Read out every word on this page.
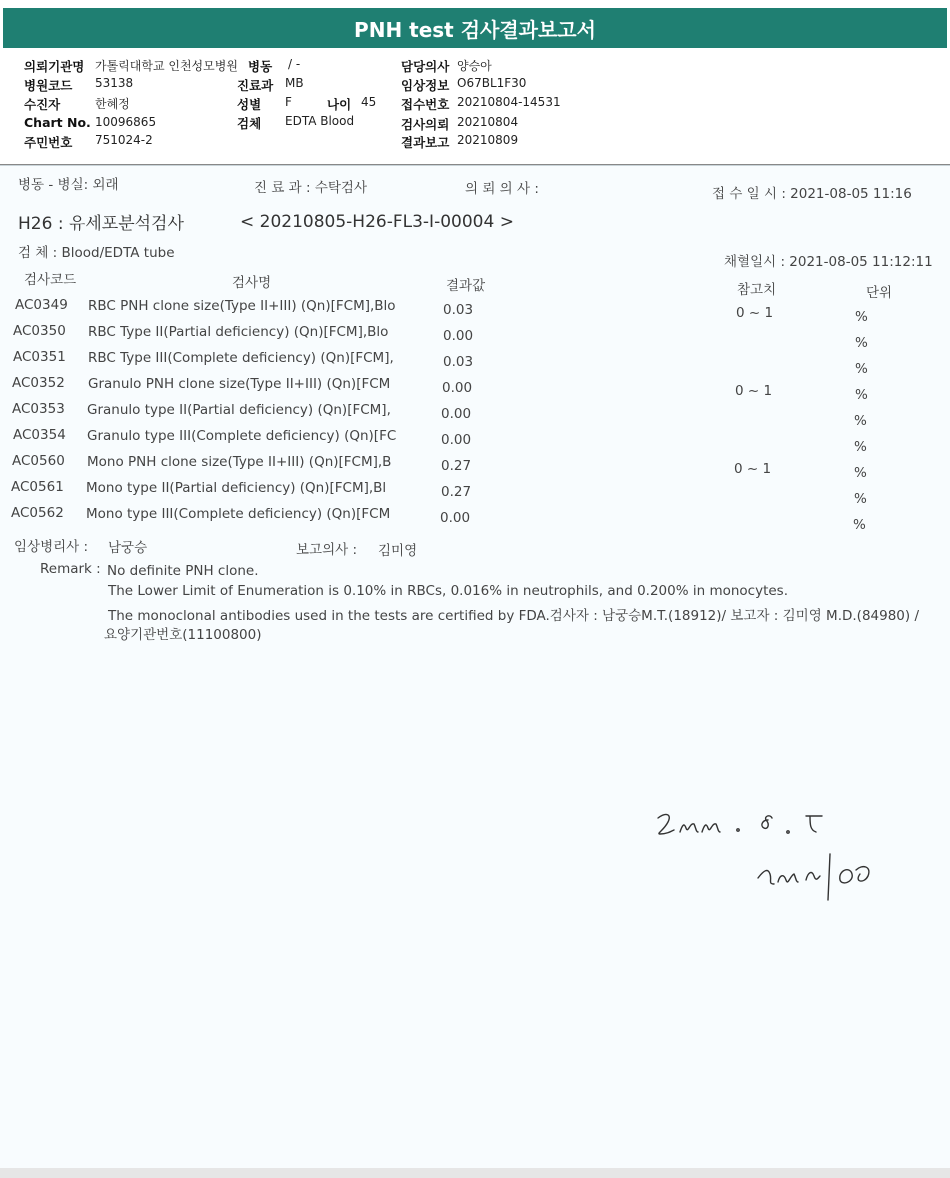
PNH test 검사결과보고서
의뢰기관명 가톨릭대학교 인천성모병원 병동 / -	담당의사 양승아
병원코드 53138	진료과 MB	임상정보 O67BL1F30
수진자	한혜정	성별 F	나이 45 접수번호 20210804-14531
Chart No. 10096865	검체 EDTA Blood	검사의뢰 20210804
주민번호 751024-2	결과보고 20210809
병동 - 병실: 외래	진 료 과 : 수탁검사	의 뢰 의 사 :	접 수 일 시 : 2021-08-05 11:16
H26 : 유세포분석검사	< 20210805-H26-FL3-I-00004 >
검 체 : Blood/EDTA tube
채혈일시 : 2021-08-05 11:12:11
검사코드	검사명	결과값	참고치	단위
AC0349 RBC PNH clone size(Type II+III) (Qn)[FCM],Blo	0.03	0 ~ 1	%
AC0350 RBC Type II(Partial deficiency) (Qn)[FCM],Blo	0.00	%
AC0351 RBC Type III(Complete deficiency) (Qn)[FCM],	0.03	%
AC0352 Granulo PNH clone size(Type II+III) (Qn)[FCM	0.00	0 ~ 1	%
AC0353 Granulo type II(Partial deficiency) (Qn)[FCM],	0.00	%
AC0354 Granulo type III(Complete deficiency) (Qn)[FC	0.00	%
AC0560 Mono PNH clone size(Type II+III) (Qn)[FCM],B	0.27	0 ~ 1	%
AC0561 Mono type II(Partial deficiency) (Qn)[FCM],Bl	0.27	%
AC0562 Mono type III(Complete deficiency) (Qn)[FCM	0.00	%
임상병리사 : 남궁승	보고의사 : 김미영
Remark : No definite PNH clone.
The Lower Limit of Enumeration is 0.10% in RBCs, 0.016% in neutrophils, and 0.200% in monocytes.
The monoclonal antibodies used in the tests are certified by FDA.검사자 : 남궁승M.T.(18912)/ 보고자 : 김미영 M.D.(84980) /
요양기관번호(11100800)
